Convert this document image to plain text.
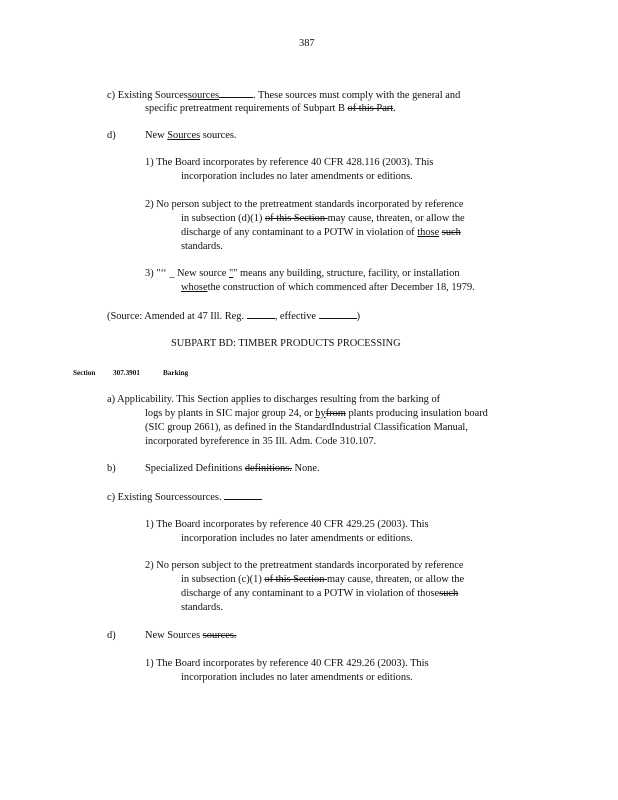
387
c) Existing Sourcessources	. These sources must comply with the general and
specific pretreatment requirements of Subpart B of this Part.
d)	New Sources sources.
1) The Board incorporates by reference 40 CFR 428.116 (2003). This
incorporation includes no later amendments or editions.
2) No person subject to the pretreatment standards incorporated by reference
in subsection (d)(1) of this Section may cause, threaten, or allow the
discharge of any contaminant to a POTW in violation of those such
standards.
3) "‘‘ _ New source "" means any building, structure, facility, or installation
whosethe construction of which commenced after December 18, 1979.
(Source: Amended at 47 Ill. Reg.	, effective	)
SUBPART BD: TIMBER PRODUCTS PROCESSING
Section 307.3901	Barking
a) Applicability. This Section applies to discharges resulting from the barking of
logs by plants in SIC major group 24, or byfrom plants producing insulation board
(SIC group 2661), as defined in the StandardIndustrial Classification Manual,
incorporated byreference in 35 Ill. Adm. Code 310.107.
b)	Specialized Definitions definitions. None.
c) Existing Sourcessources.
1) The Board incorporates by reference 40 CFR 429.25 (2003). This
incorporation includes no later amendments or editions.
2) No person subject to the pretreatment standards incorporated by reference
in subsection (c)(1) of this Section may cause, threaten, or allow the
discharge of any contaminant to a POTW in violation of thosesuch
standards.
d)	New Sources sources.
1) The Board incorporates by reference 40 CFR 429.26 (2003). This
incorporation includes no later amendments or editions.
